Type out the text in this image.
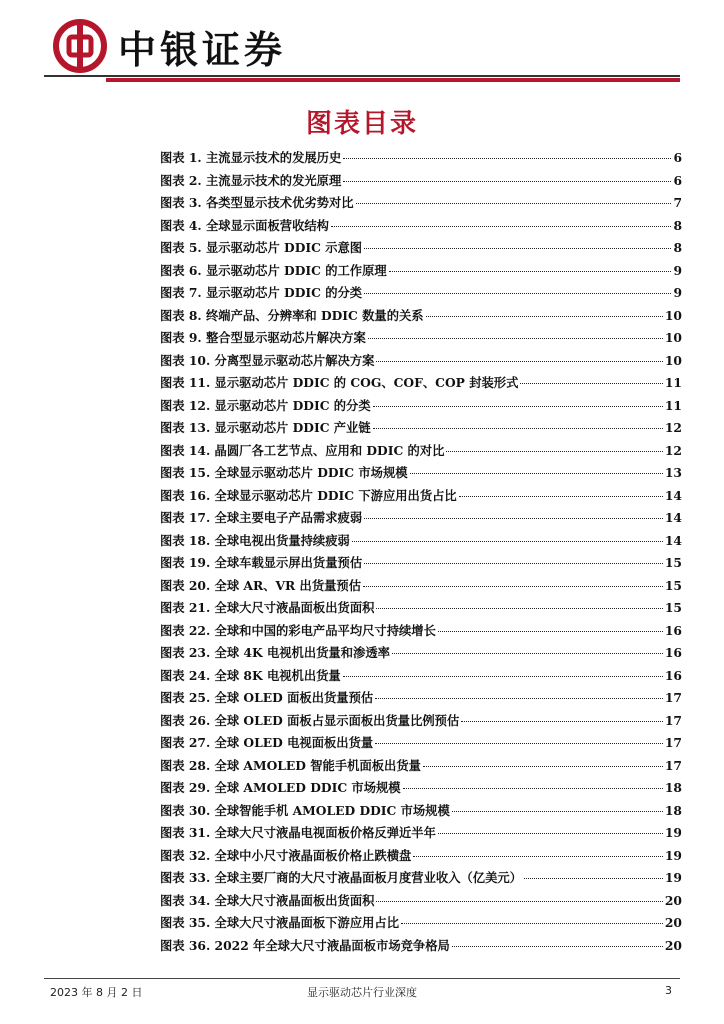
中银证券
图表目录
图表 1. 主流显示技术的发展历史	6
图表 2. 主流显示技术的发光原理	6
图表 3. 各类型显示技术优劣势对比	7
图表 4. 全球显示面板营收结构	8
图表 5. 显示驱动芯片 DDIC 示意图	8
图表 6. 显示驱动芯片 DDIC 的工作原理	9
图表 7. 显示驱动芯片 DDIC 的分类	9
图表 8. 终端产品、分辨率和 DDIC 数量的关系	10
图表 9. 整合型显示驱动芯片解决方案	10
图表 10. 分离型显示驱动芯片解决方案	10
图表 11. 显示驱动芯片 DDIC 的 COG、COF、COP 封装形式	11
图表 12. 显示驱动芯片 DDIC 的分类	11
图表 13. 显示驱动芯片 DDIC 产业链	12
图表 14. 晶圆厂各工艺节点、应用和 DDIC 的对比	12
图表 15. 全球显示驱动芯片 DDIC 市场规模	13
图表 16. 全球显示驱动芯片 DDIC 下游应用出货占比	14
图表 17. 全球主要电子产品需求疲弱	14
图表 18. 全球电视出货量持续疲弱	14
图表 19. 全球车载显示屏出货量预估	15
图表 20. 全球 AR、VR 出货量预估	15
图表 21. 全球大尺寸液晶面板出货面积	15
图表 22. 全球和中国的彩电产品平均尺寸持续增长	16
图表 23. 全球 4K 电视机出货量和渗透率	16
图表 24. 全球 8K 电视机出货量	16
图表 25. 全球 OLED 面板出货量预估	17
图表 26. 全球 OLED 面板占显示面板出货量比例预估	17
图表 27. 全球 OLED 电视面板出货量	17
图表 28. 全球 AMOLED 智能手机面板出货量	17
图表 29. 全球 AMOLED DDIC 市场规模	18
图表 30. 全球智能手机 AMOLED DDIC 市场规模	18
图表 31. 全球大尺寸液晶电视面板价格反弹近半年	19
图表 32. 全球中小尺寸液晶面板价格止跌横盘	19
图表 33. 全球主要厂商的大尺寸液晶面板月度营业收入（亿美元）	19
图表 34. 全球大尺寸液晶面板出货面积	20
图表 35. 全球大尺寸液晶面板下游应用占比	20
图表 36. 2022 年全球大尺寸液晶面板市场竞争格局	20
2023 年 8 月 2 日	显示驱动芯片行业深度	3
